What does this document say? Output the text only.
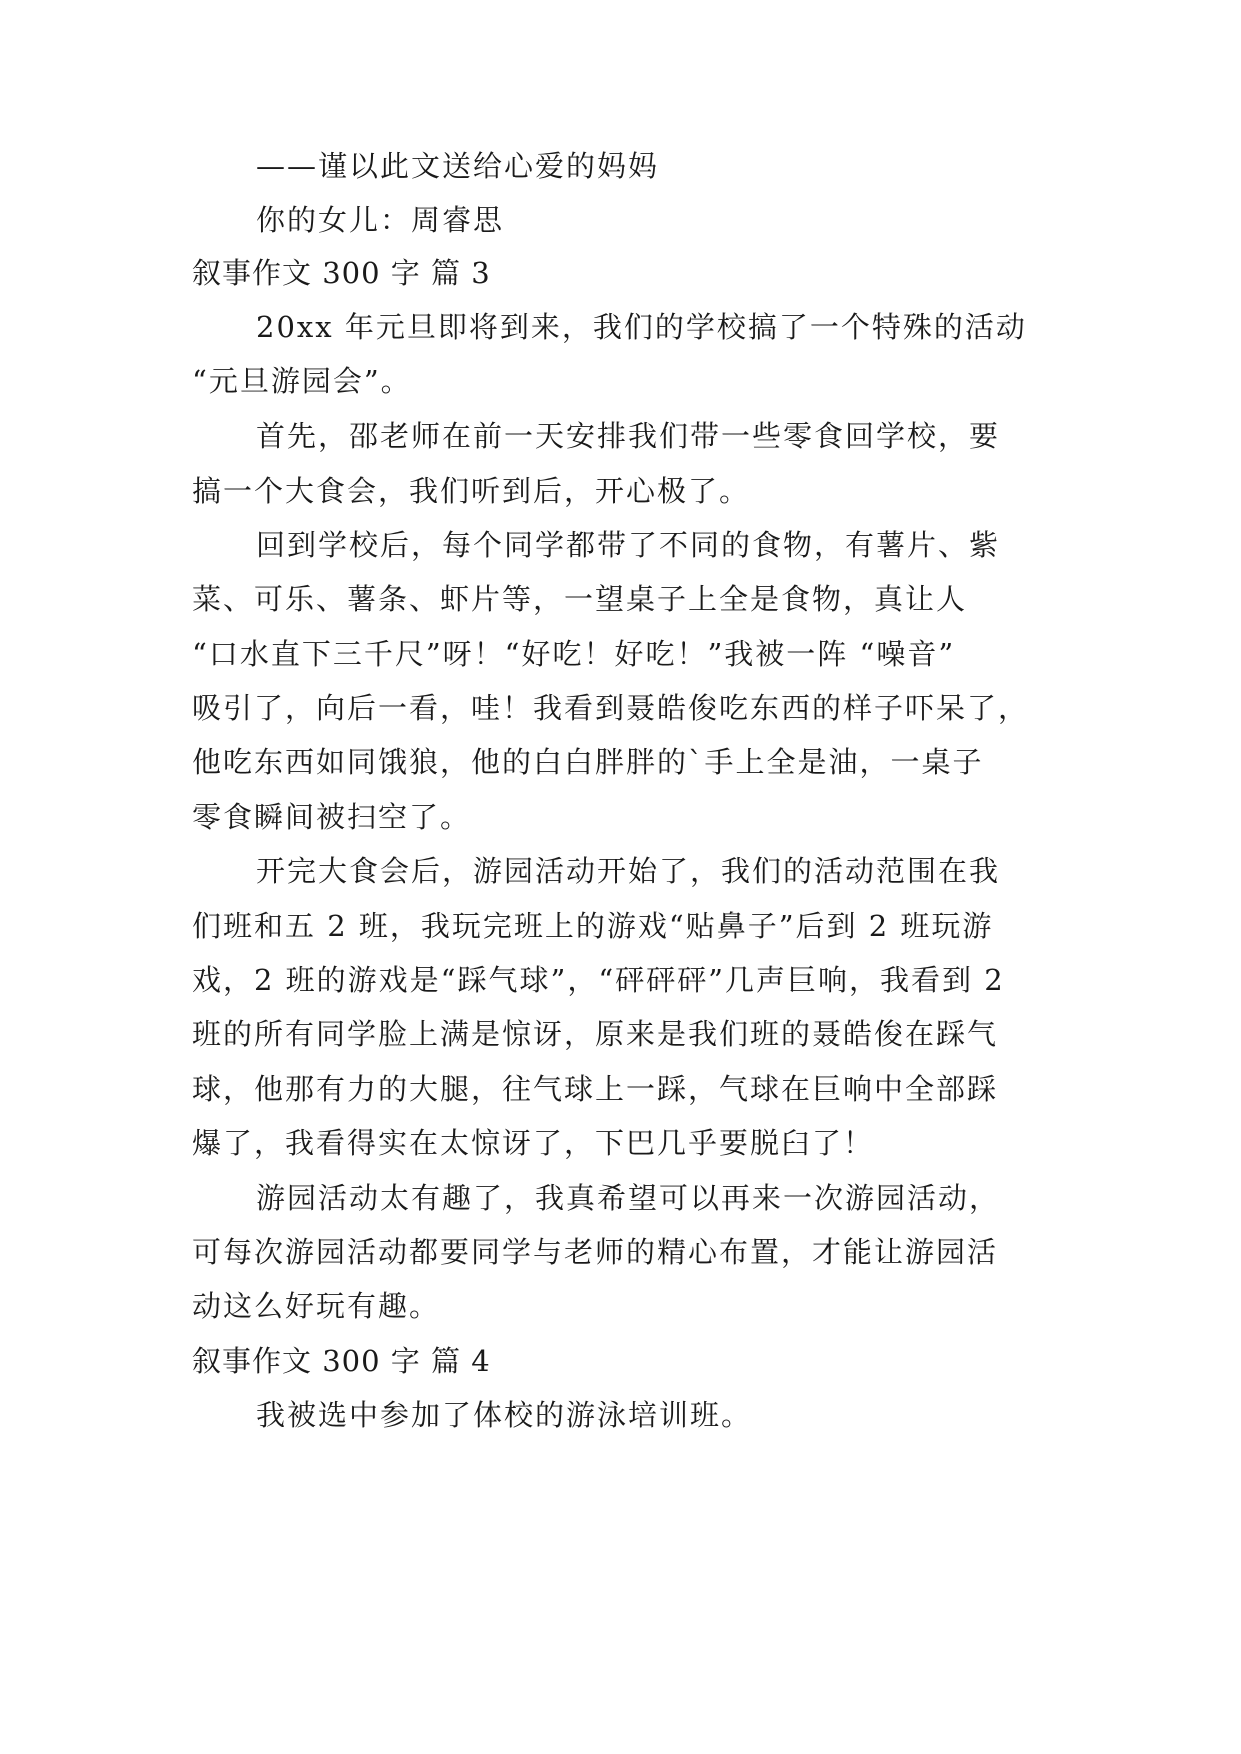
——谨以此文送给心爱的妈妈
你的女儿：周睿思
叙事作文 300 字 篇 3
20xx 年元旦即将到来，我们的学校搞了一个特殊的活动
“元旦游园会”。
首先，邵老师在前一天安排我们带一些零食回学校，要
搞一个大食会，我们听到后，开心极了。
回到学校后，每个同学都带了不同的食物，有薯片、紫
菜、可乐、薯条、虾片等，一望桌子上全是食物，真让人
“口水直下三千尺”呀！“好吃！好吃！”我被一阵 “噪音”
吸引了，向后一看，哇！我看到聂皓俊吃东西的样子吓呆了，
他吃东西如同饿狼，他的白白胖胖的`手上全是油，一桌子
零食瞬间被扫空了。
开完大食会后，游园活动开始了，我们的活动范围在我
们班和五 2 班，我玩完班上的游戏“贴鼻子”后到 2 班玩游
戏，2 班的游戏是“踩气球”，“砰砰砰”几声巨响，我看到 2
班的所有同学脸上满是惊讶，原来是我们班的聂皓俊在踩气
球，他那有力的大腿，往气球上一踩，气球在巨响中全部踩
爆了，我看得实在太惊讶了，下巴几乎要脱臼了！
游园活动太有趣了，我真希望可以再来一次游园活动，
可每次游园活动都要同学与老师的精心布置，才能让游园活
动这么好玩有趣。
叙事作文 300 字 篇 4
我被选中参加了体校的游泳培训班。
